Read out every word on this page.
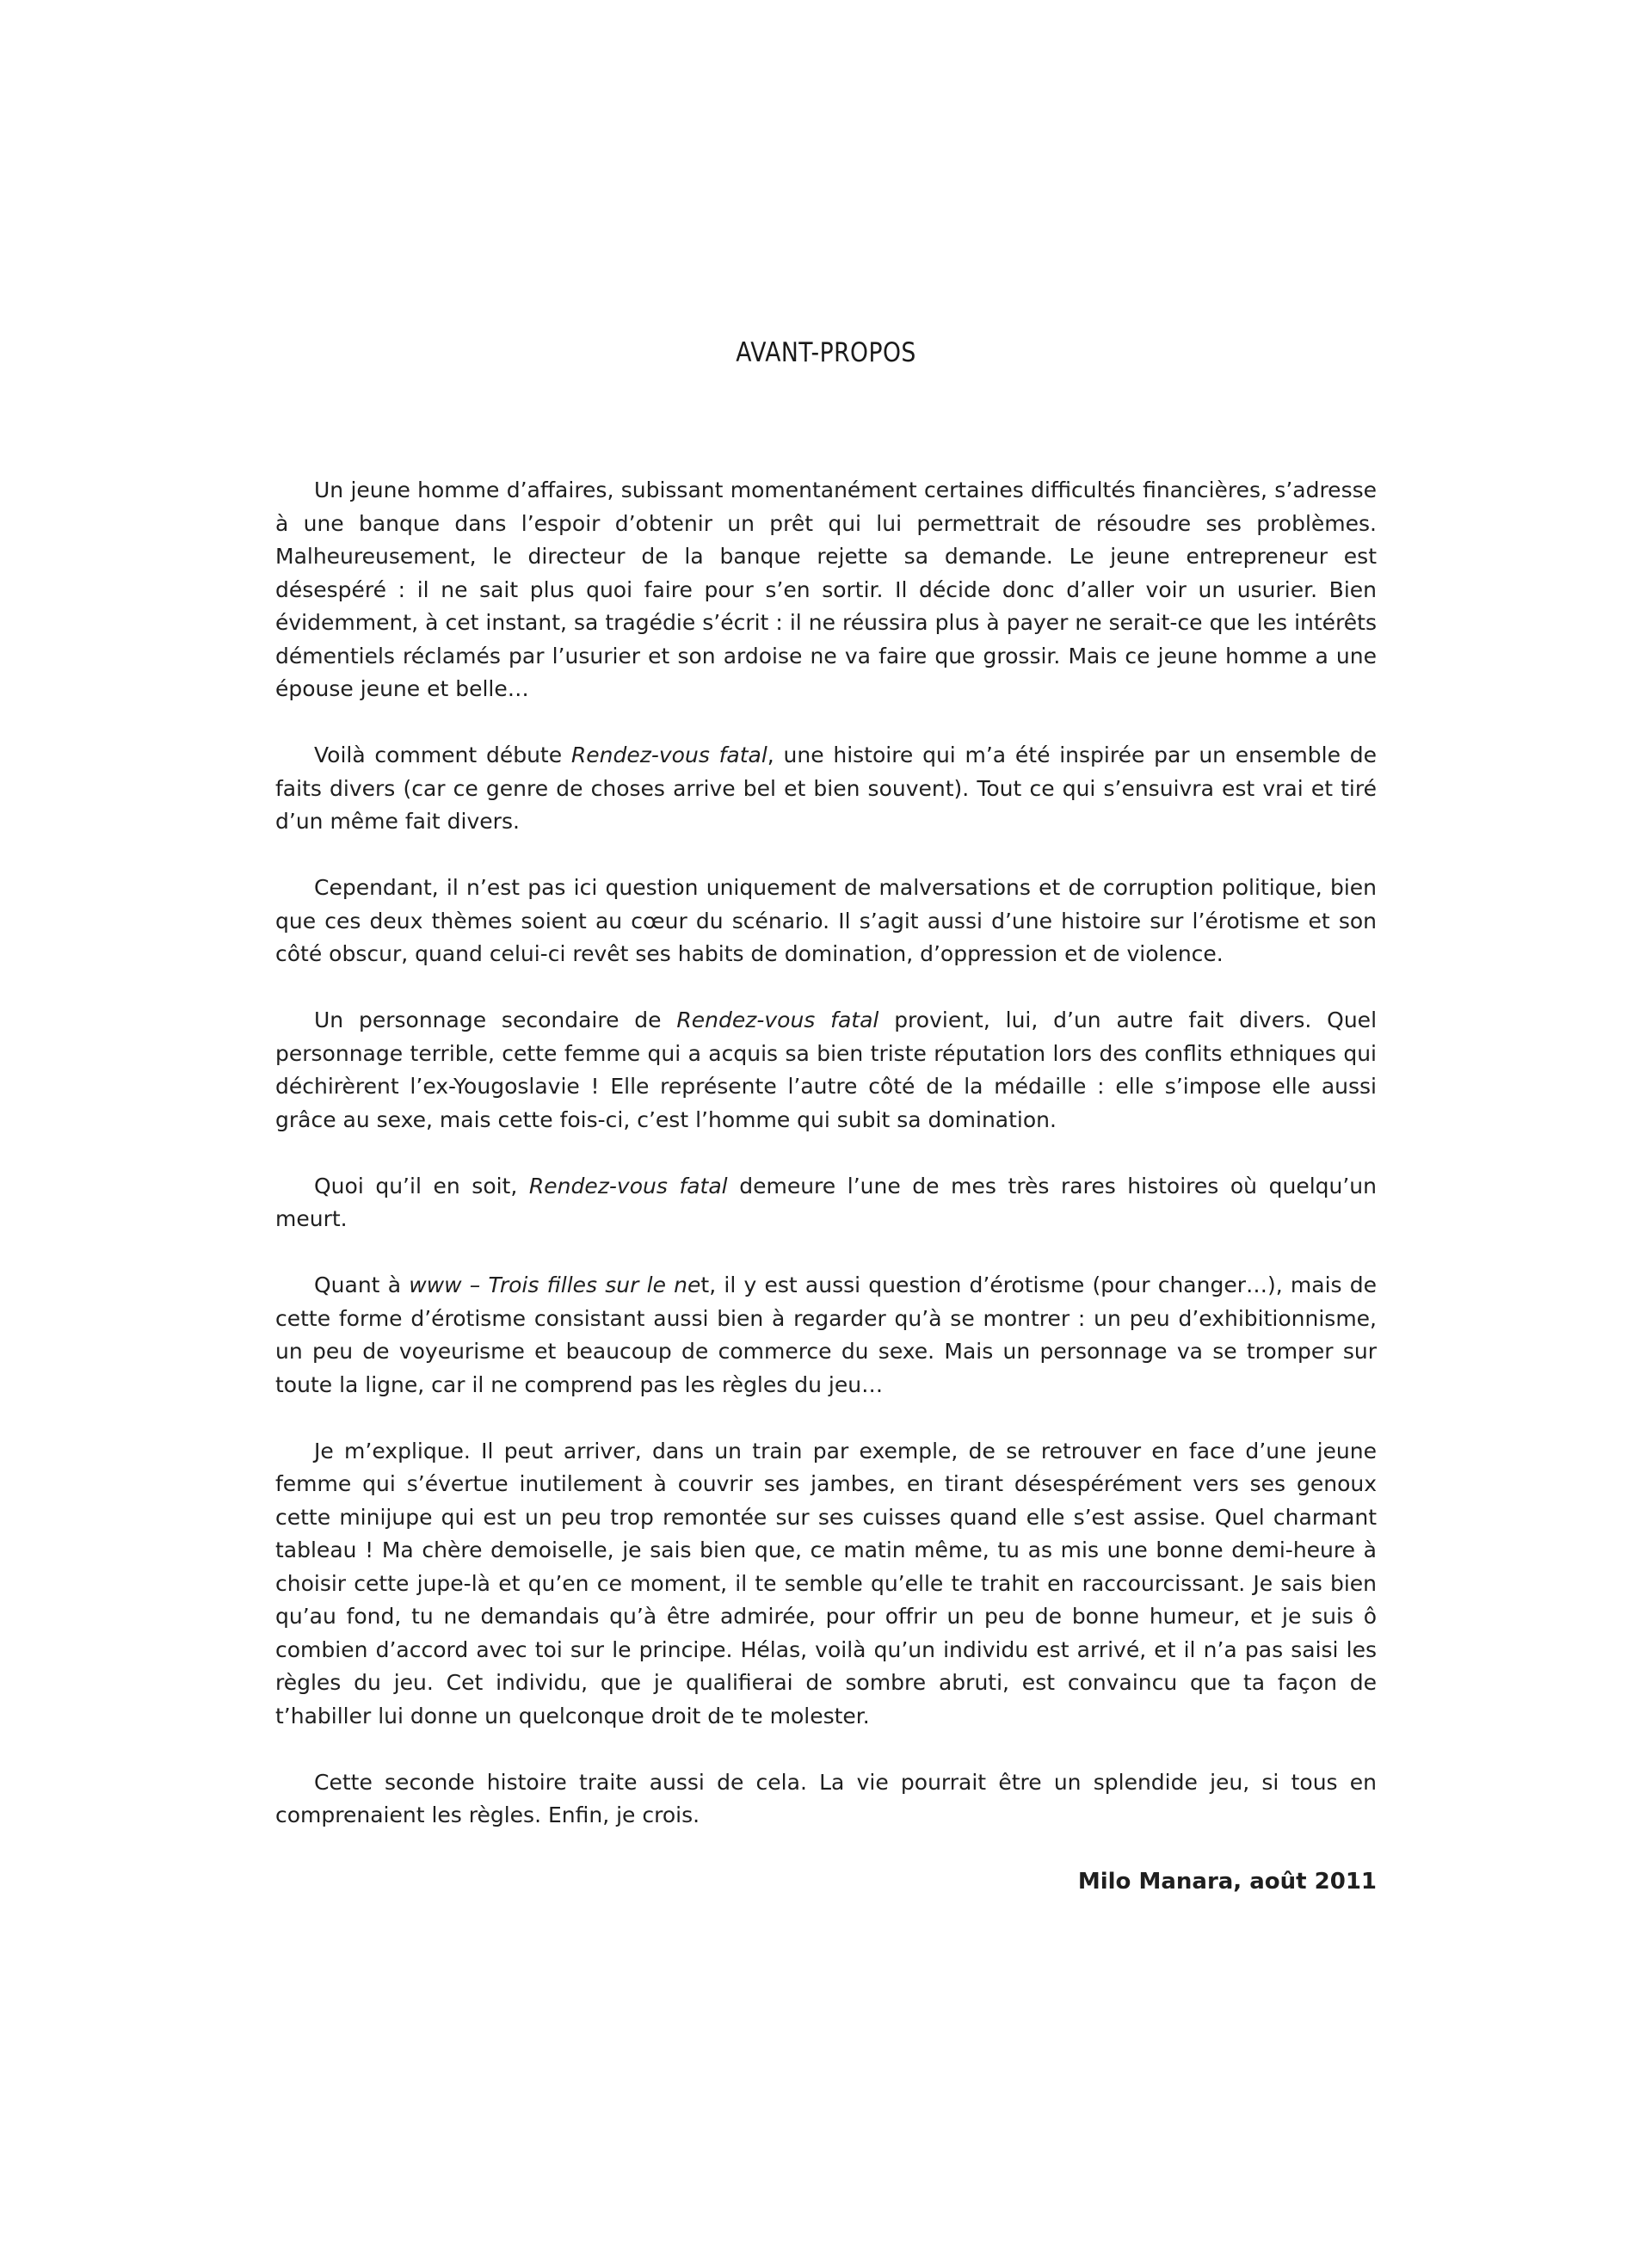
AVANT-PROPOS

Un jeune homme d’affaires, subissant momentanément certaines difficultés financières, s’adresse à une banque dans l’espoir d’obtenir un prêt qui lui permettrait de résoudre ses problèmes. Malheureusement, le directeur de la banque rejette sa demande. Le jeune entrepreneur est désespéré : il ne sait plus quoi faire pour s’en sortir. Il décide donc d’aller voir un usurier. Bien évidemment, à cet instant, sa tragédie s’écrit : il ne réussira plus à payer ne serait-ce que les intérêts démentiels réclamés par l’usurier et son ardoise ne va faire que grossir. Mais ce jeune homme a une épouse jeune et belle…

Voilà comment débute Rendez-vous fatal, une histoire qui m’a été inspirée par un ensemble de faits divers (car ce genre de choses arrive bel et bien souvent). Tout ce qui s’ensuivra est vrai et tiré d’un même fait divers.

Cependant, il n’est pas ici question uniquement de malversations et de corruption politique, bien que ces deux thèmes soient au cœur du scénario. Il s’agit aussi d’une histoire sur l’érotisme et son côté obscur, quand celui-ci revêt ses habits de domination, d’oppression et de violence.

Un personnage secondaire de Rendez-vous fatal provient, lui, d’un autre fait divers. Quel personnage terrible, cette femme qui a acquis sa bien triste réputation lors des conflits ethniques qui déchirèrent l’ex-Yougoslavie ! Elle représente l’autre côté de la médaille : elle s’impose elle aussi grâce au sexe, mais cette fois-ci, c’est l’homme qui subit sa domination.

Quoi qu’il en soit, Rendez-vous fatal demeure l’une de mes très rares histoires où quelqu’un meurt.

Quant à www – Trois filles sur le net, il y est aussi question d’érotisme (pour changer…), mais de cette forme d’érotisme consistant aussi bien à regarder qu’à se montrer : un peu d’exhibitionnisme, un peu de voyeurisme et beaucoup de commerce du sexe. Mais un personnage va se tromper sur toute la ligne, car il ne comprend pas les règles du jeu…

Je m’explique. Il peut arriver, dans un train par exemple, de se retrouver en face d’une jeune femme qui s’évertue inutilement à couvrir ses jambes, en tirant désespérément vers ses genoux cette minijupe qui est un peu trop remontée sur ses cuisses quand elle s’est assise. Quel charmant tableau ! Ma chère demoiselle, je sais bien que, ce matin même, tu as mis une bonne demi-heure à choisir cette jupe-là et qu’en ce moment, il te semble qu’elle te trahit en raccourcissant. Je sais bien qu’au fond, tu ne demandais qu’à être admirée, pour offrir un peu de bonne humeur, et je suis ô combien d’accord avec toi sur le principe. Hélas, voilà qu’un individu est arrivé, et il n’a pas saisi les règles du jeu. Cet individu, que je qualifierai de sombre abruti, est convaincu que ta façon de t’habiller lui donne un quelconque droit de te molester.

Cette seconde histoire traite aussi de cela. La vie pourrait être un splendide jeu, si tous en comprenaient les règles. Enfin, je crois.

Milo Manara, août 2011
